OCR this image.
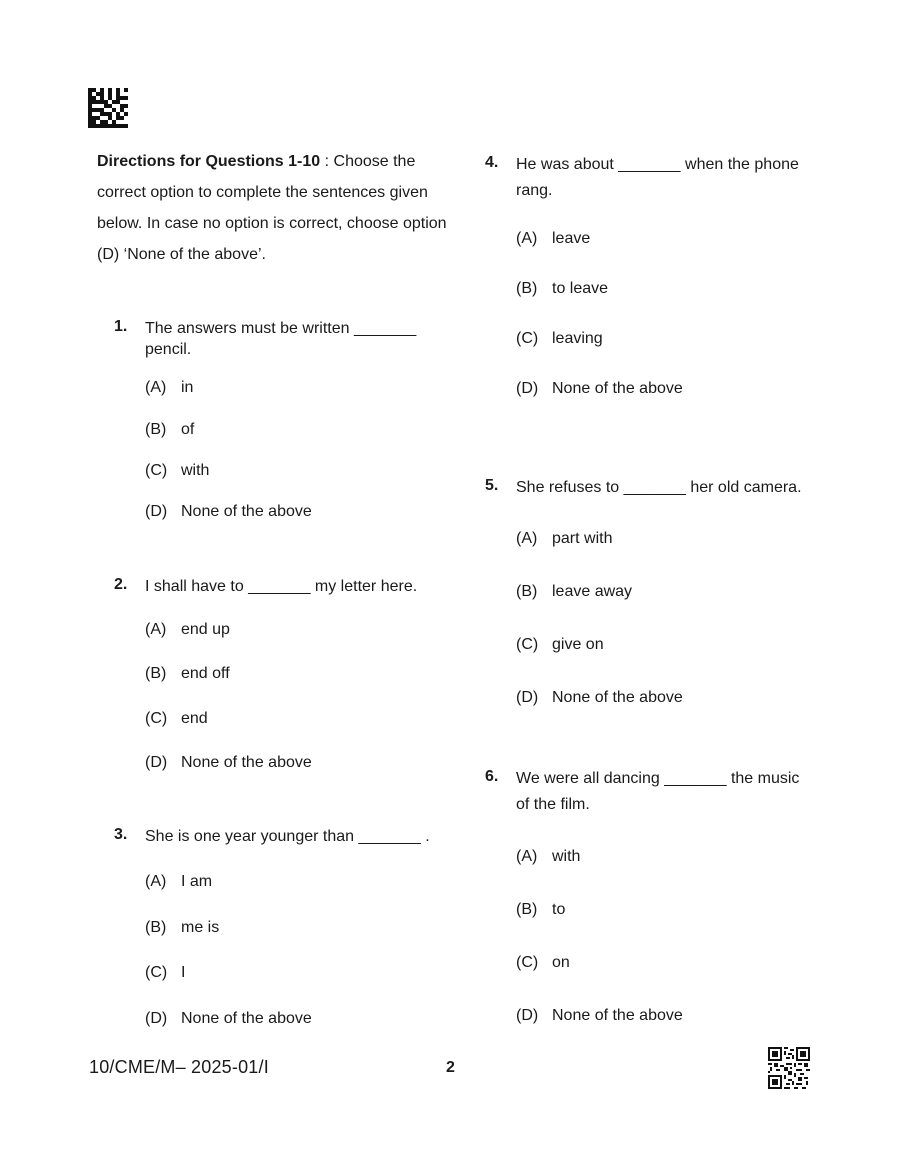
Directions for Questions 1-10 : Choose the correct option to complete the sentences given below. In case no option is correct, choose option (D) ‘None of the above’.
1. The answers must be written _______
pencil.
(A) in
(B) of
(C) with
(D) None of the above
2. I shall have to _______ my letter here.
(A) end up
(B) end off
(C) end
(D) None of the above
3. She is one year younger than _______ .
(A) I am
(B) me is
(C) I
(D) None of the above
4. He was about _______ when the phone
rang.
(A) leave
(B) to leave
(C) leaving
(D) None of the above
5. She refuses to _______ her old camera.
(A) part with
(B) leave away
(C) give on
(D) None of the above
6. We were all dancing _______ the music
of the film.
(A) with
(B) to
(C) on
(D) None of the above
10/CME/M– 2025-01/I	2
